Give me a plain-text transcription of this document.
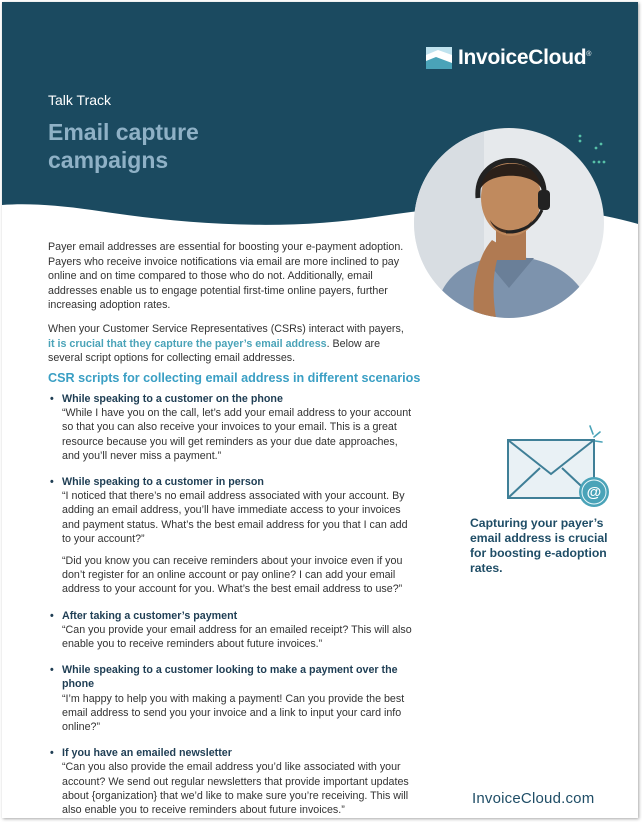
InvoiceCloud®
Talk Track
Email capture
campaigns

Payer email addresses are essential for boosting your e-payment adoption. Payers who receive invoice notifications via email are more inclined to pay online and on time compared to those who do not. Additionally, email addresses enable us to engage potential first-time online payers, further increasing adoption rates.

When your Customer Service Representatives (CSRs) interact with payers, it is crucial that they capture the payer’s email address. Below are several script options for collecting email addresses.

CSR scripts for collecting email address in different scenarios
• While speaking to a customer on the phone
“While I have you on the call, let’s add your email address to your account so that you can also receive your invoices to your email. This is a great resource because you will get reminders as your due date approaches, and you’ll never miss a payment.”
• While speaking to a customer in person
“I noticed that there’s no email address associated with your account. By adding an email address, you’ll have immediate access to your invoices and payment status. What’s the best email address for you that I can add to your account?”
“Did you know you can receive reminders about your invoice even if you don’t register for an online account or pay online? I can add your email address to your account for you. What’s the best email address to use?”
• After taking a customer’s payment
“Can you provide your email address for an emailed receipt? This will also enable you to receive reminders about future invoices.”
• While speaking to a customer looking to make a payment over the phone
“I’m happy to help you with making a payment! Can you provide the best email address to send you your invoice and a link to input your card info online?”
• If you have an emailed newsletter
“Can you also provide the email address you’d like associated with your account? We send out regular newsletters that provide important updates about {organization} that we’d like to make sure you’re receiving. This will also enable you to receive reminders about future invoices.”
@
Capturing your payer’s email address is crucial for boosting e-adoption rates.
InvoiceCloud.com
